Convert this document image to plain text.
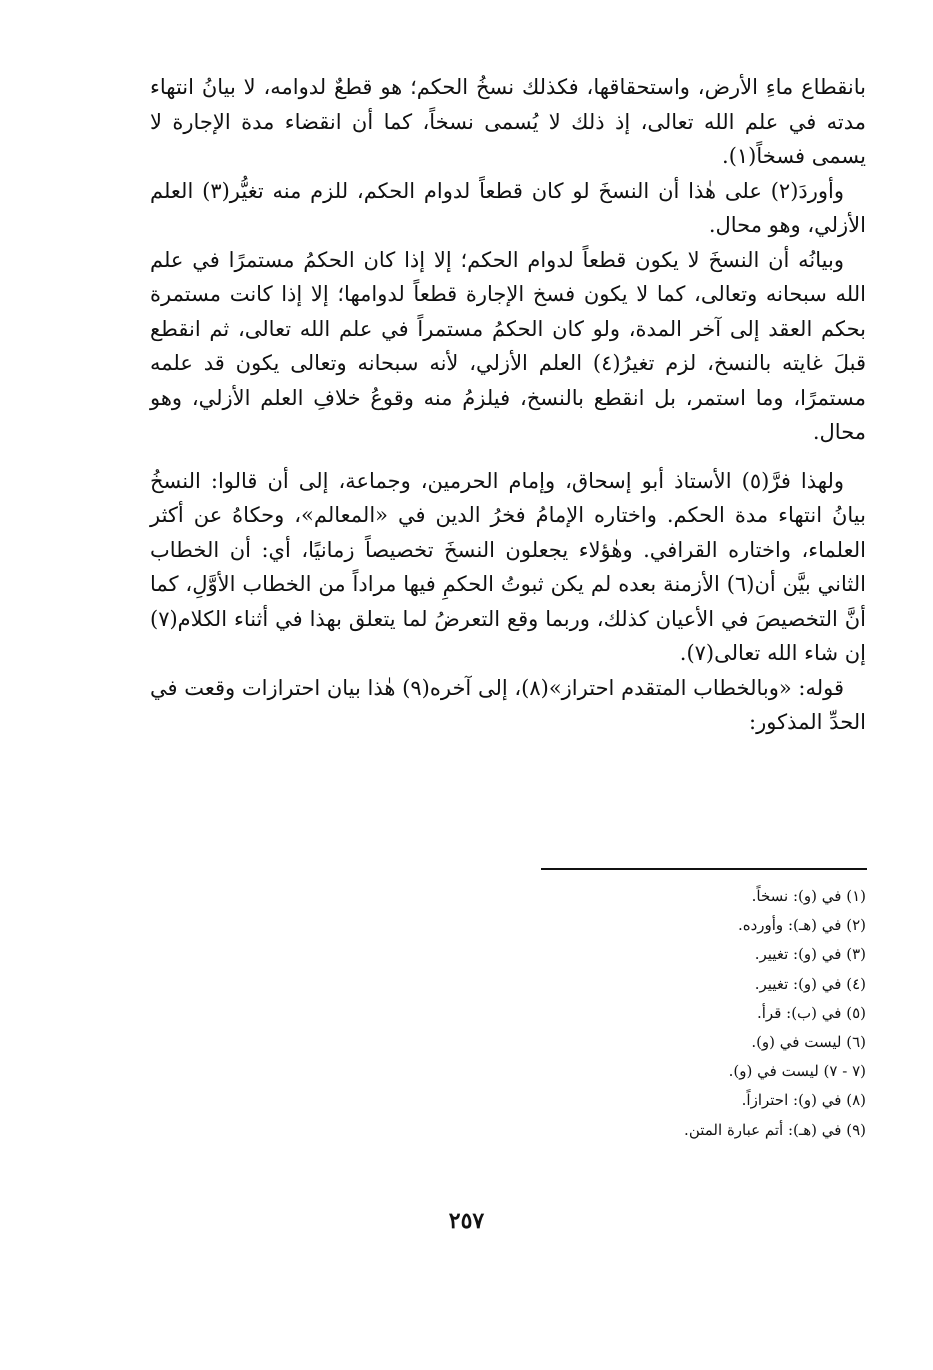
بانقطاع ماءِ الأرض، واستحقاقها، فكذلك نسخُ الحكم؛ هو قطعٌ لدوامه، لا بيانُ انتهاء مدته في علم الله تعالى، إذ ذلك لا يُسمى نسخاً، كما أن انقضاء مدة الإجارة لا يسمى فسخاً(١).

وأوردَ(٢) على هٰذا أن النسخَ لو كان قطعاً لدوام الحكم، للزم منه تغيُّر(٣) العلم الأزلي، وهو محال.

وبيانُه أن النسخَ لا يكون قطعاً لدوام الحكم؛ إلا إذا كان الحكمُ مستمرًا في علم الله سبحانه وتعالى، كما لا يكون فسخ الإجارة قطعاً لدوامها؛ إلا إذا كانت مستمرة بحكم العقد إلى آخر المدة، ولو كان الحكمُ مستمراً في علم الله تعالى، ثم انقطع قبلَ غايته بالنسخ، لزم تغيرُ(٤) العلم الأزلي، لأنه سبحانه وتعالى يكون قد علمه مستمرًا، وما استمر، بل انقطع بالنسخ، فيلزمُ منه وقوعُ خلافِ العلم الأزلي، وهو محال.

ولهذا فرَّ(٥) الأستاذ أبو إسحاق، وإمام الحرمين، وجماعة، إلى أن قالوا: النسخُ بيانُ انتهاء مدة الحكم. واختاره الإمامُ فخرُ الدين في «المعالم»، وحكاهُ عن أكثر العلماء، واختاره القرافي. وهٰؤلاء يجعلون النسخَ تخصيصاً زمانيًا، أي: أن الخطاب الثاني بيَّن أن(٦) الأزمنة بعده لم يكن ثبوتُ الحكمِ فيها مراداً من الخطاب الأوَّلِ، كما أنَّ التخصيصَ في الأعيان كذلك، وربما وقع التعرضُ لما يتعلق بهذا في أثناء الكلام(٧) إن شاء الله تعالى(٧).

قوله: «وبالخطاب المتقدم احتراز»(٨)، إلى آخره(٩) هٰذا بيان احترازات وقعت في الحدِّ المذكور:

(١) في (و): نسخاً.
(٢) في (هـ): وأورده.
(٣) في (و): تغيير.
(٤) في (و): تغيير.
(٥) في (ب): قرأ.
(٦) ليست في (و).
(٧ - ٧) ليست في (و).
(٨) في (و): احترازاً.
(٩) في (هـ): أتم عبارة المتن.
٢٥٧
